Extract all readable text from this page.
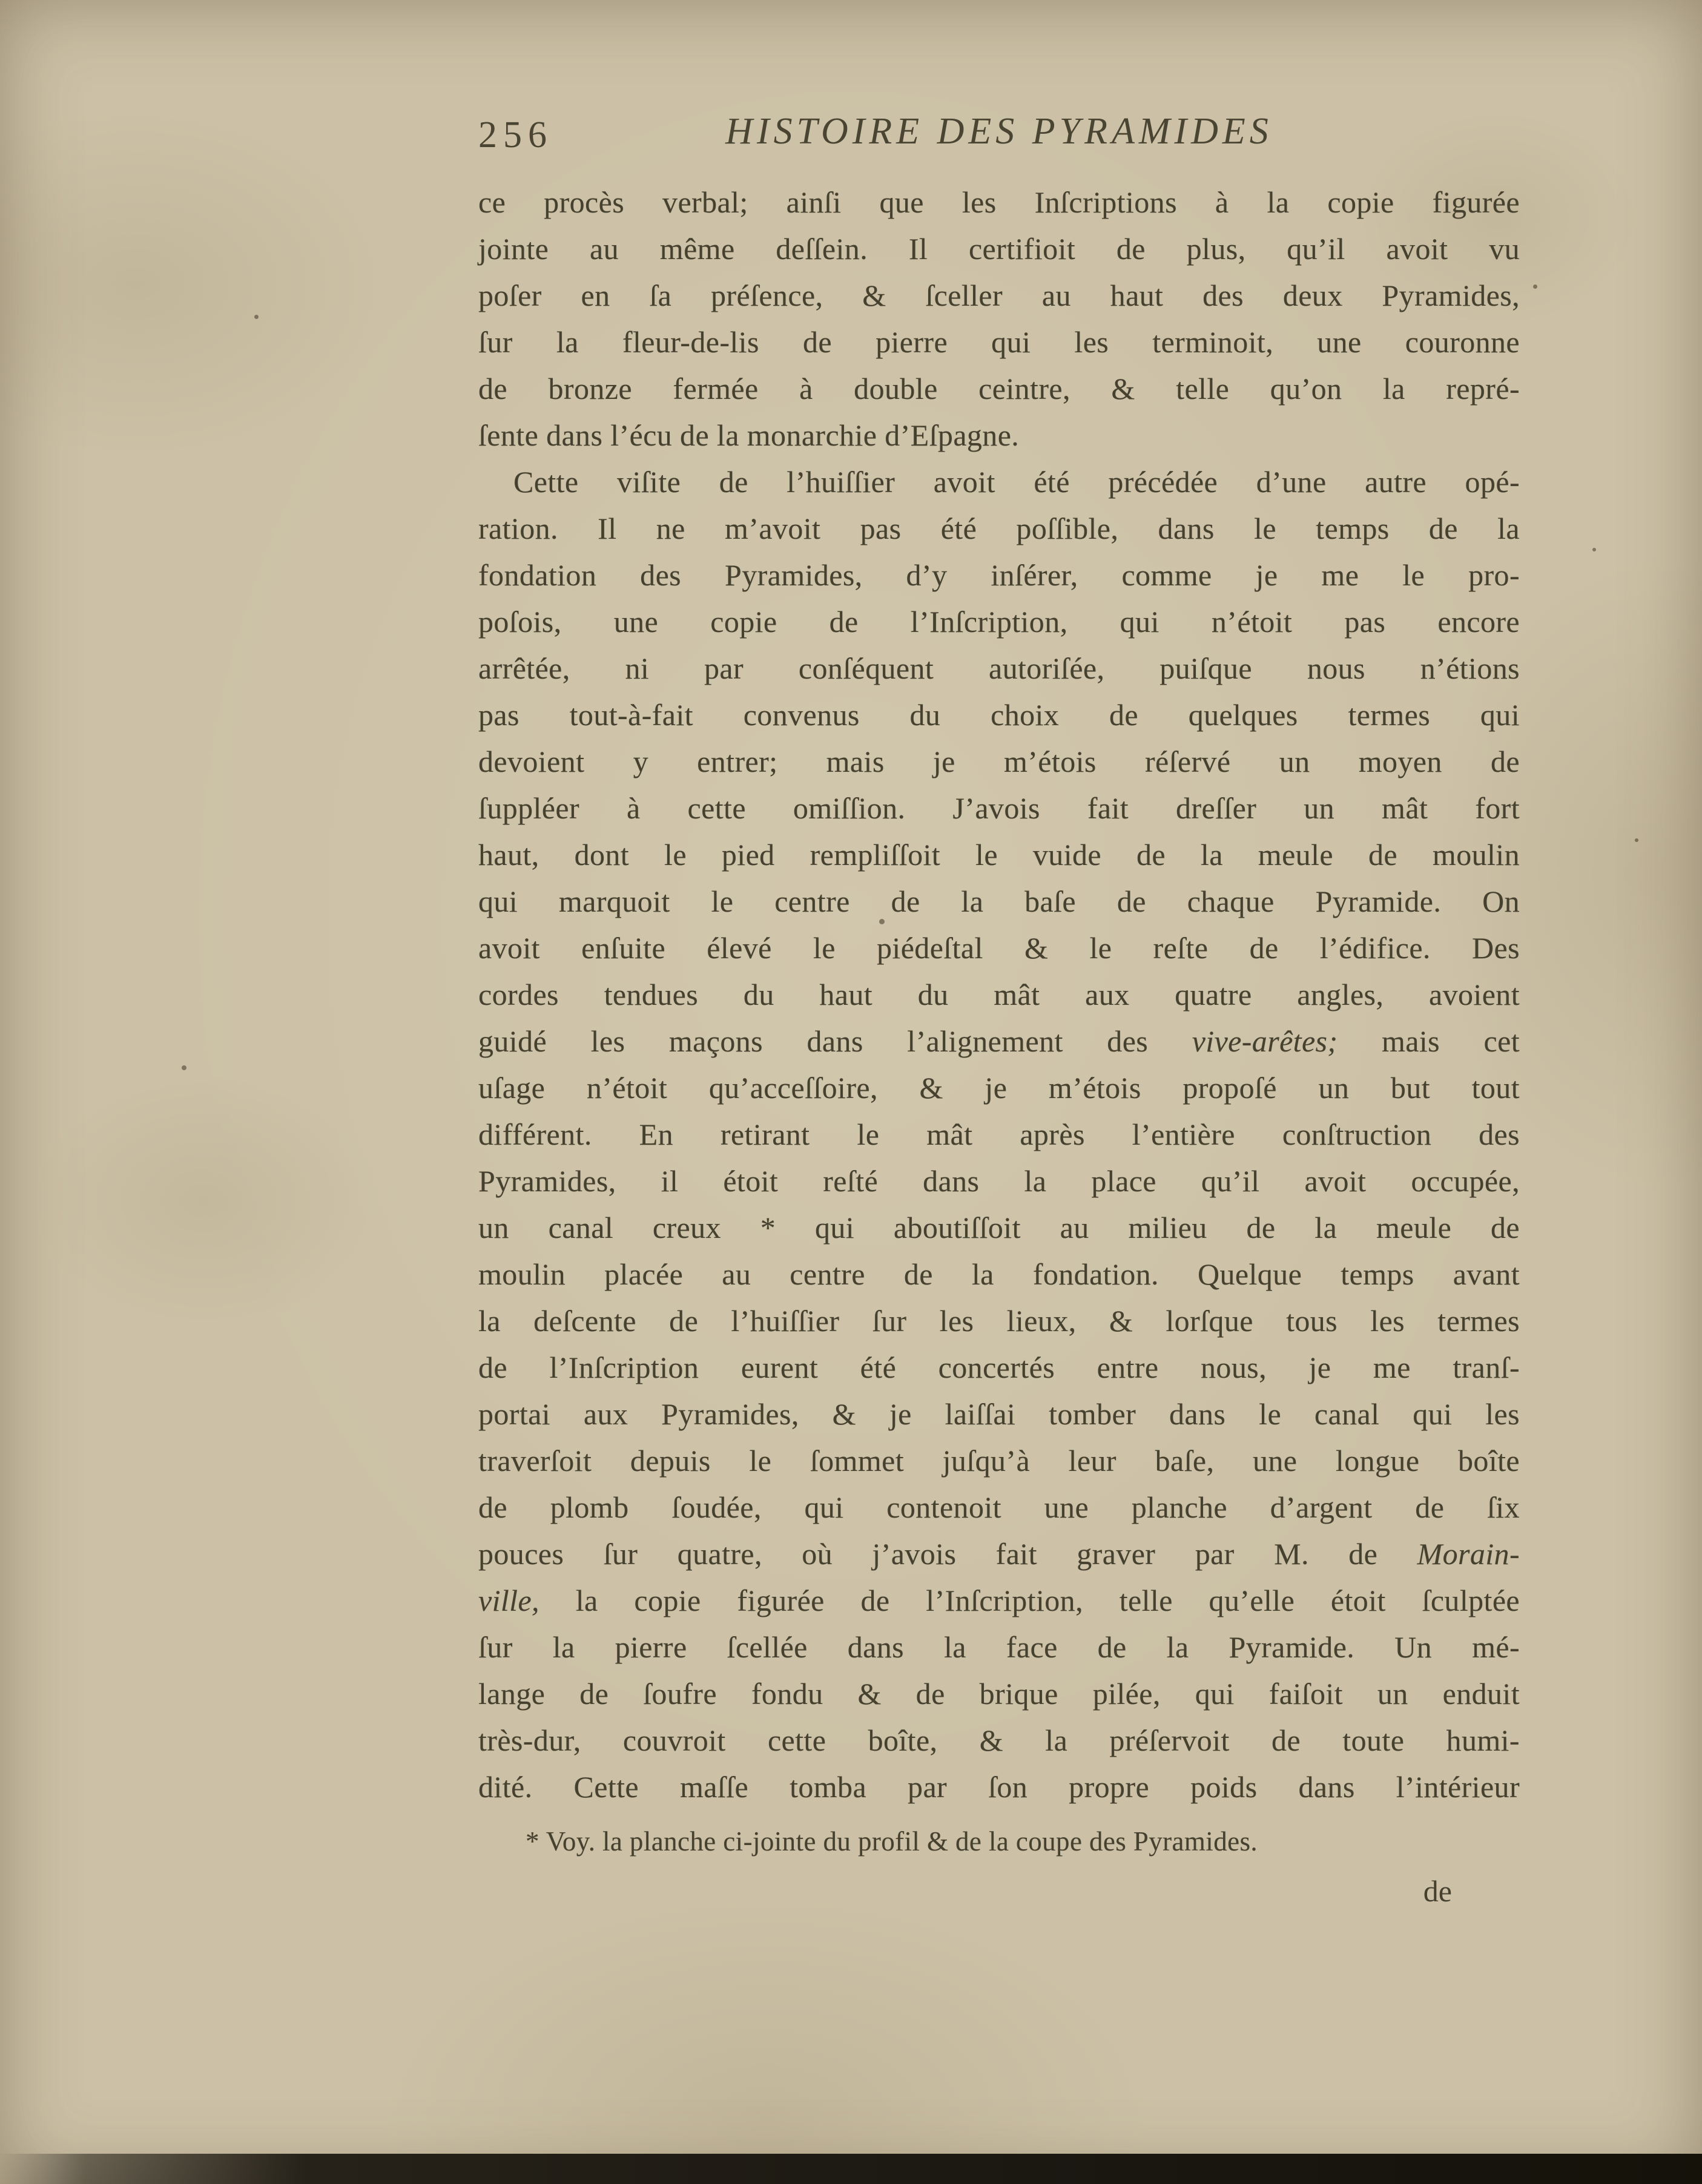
256	HISTOIRE DES PYRAMIDES
ce procès verbal; ainſi que les Inſcriptions à la copie figurée
jointe au même deſſein. Il certifioit de plus, qu’il avoit vu
poſer en ſa préſence, & ſceller au haut des deux Pyramides,
ſur la fleur-de-lis de pierre qui les terminoit, une couronne
de bronze fermée à double ceintre, & telle qu’on la repré-
ſente dans l’écu de la monarchie d’Eſpagne.
Cette viſite de l’huiſſier avoit été précédée d’une autre opé-
ration. Il ne m’avoit pas été poſſible, dans le temps de la
fondation des Pyramides, d’y inſérer, comme je me le pro-
poſois, une copie de l’Inſcription, qui n’étoit pas encore
arrêtée, ni par conſéquent autoriſée, puiſque nous n’étions
pas tout-à-fait convenus du choix de quelques termes qui
devoient y entrer; mais je m’étois réſervé un moyen de
ſuppléer à cette omiſſion. J’avois fait dreſſer un mât fort
haut, dont le pied rempliſſoit le vuide de la meule de moulin
qui marquoit le centre de la baſe de chaque Pyramide. On
avoit enſuite élevé le piédeſtal & le reſte de l’édifice. Des
cordes tendues du haut du mât aux quatre angles, avoient
guidé les maçons dans l’alignement des vive-arêtes; mais cet
uſage n’étoit qu’acceſſoire, & je m’étois propoſé un but tout
différent. En retirant le mât après l’entière conſtruction des
Pyramides, il étoit reſté dans la place qu’il avoit occupée,
un canal creux * qui aboutiſſoit au milieu de la meule de
moulin placée au centre de la fondation. Quelque temps avant
la deſcente de l’huiſſier ſur les lieux, & lorſque tous les termes
de l’Inſcription eurent été concertés entre nous, je me tranſ-
portai aux Pyramides, & je laiſſai tomber dans le canal qui les
traverſoit depuis le ſommet juſqu’à leur baſe, une longue boîte
de plomb ſoudée, qui contenoit une planche d’argent de ſix
pouces ſur quatre, où j’avois fait graver par M. de Morain-
ville, la copie figurée de l’Inſcription, telle qu’elle étoit ſculptée
ſur la pierre ſcellée dans la face de la Pyramide. Un mé-
lange de ſoufre fondu & de brique pilée, qui faiſoit un enduit
très-dur, couvroit cette boîte, & la préſervoit de toute humi-
dité. Cette maſſe tomba par ſon propre poids dans l’intérieur
* Voy. la planche ci-jointe du profil & de la coupe des Pyramides.
de
